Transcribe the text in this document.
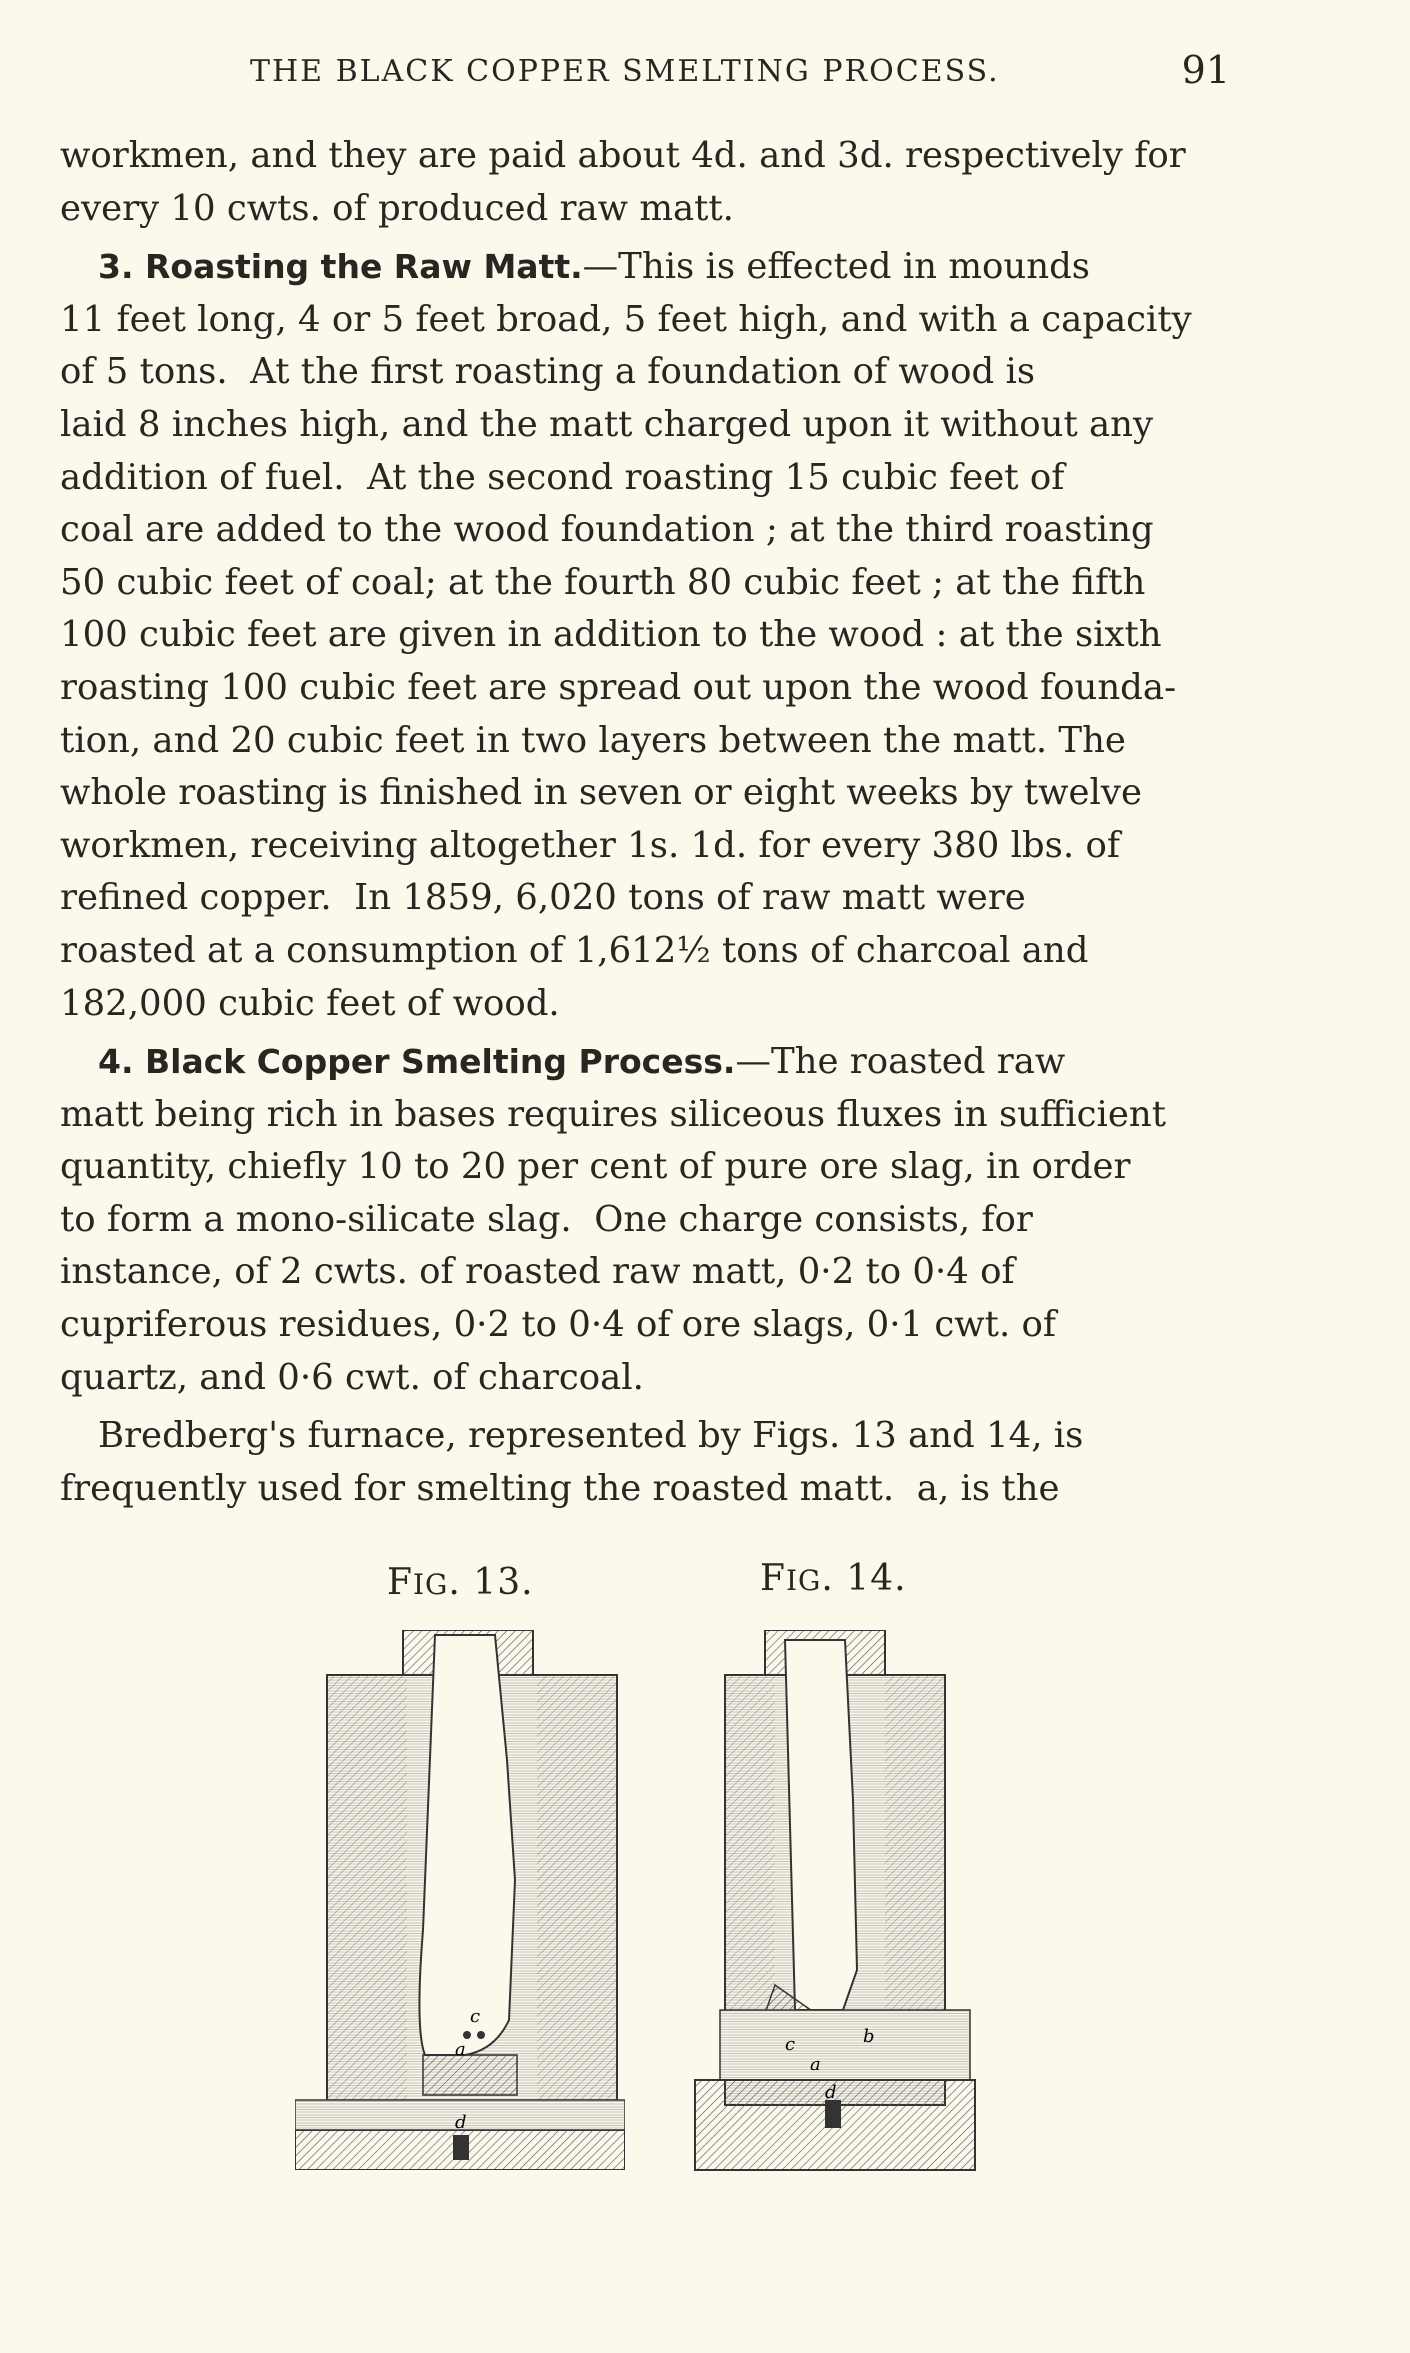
THE BLACK COPPER SMELTING PROCESS.	91
workmen, and they are paid about 4d. and 3d. respectively for
every 10 cwts. of produced raw matt.
3. Roasting the Raw Matt.—This is effected in mounds
11 feet long, 4 or 5 feet broad, 5 feet high, and with a capacity
of 5 tons.  At the first roasting a foundation of wood is
laid 8 inches high, and the matt charged upon it without any
addition of fuel.  At the second roasting 15 cubic feet of
coal are added to the wood foundation ; at the third roasting
50 cubic feet of coal; at the fourth 80 cubic feet ; at the fifth
100 cubic feet are given in addition to the wood : at the sixth
roasting 100 cubic feet are spread out upon the wood founda-
tion, and 20 cubic feet in two layers between the matt. The
whole roasting is finished in seven or eight weeks by twelve
workmen, receiving altogether 1s. 1d. for every 380 lbs. of
refined copper.  In 1859, 6,020 tons of raw matt were
roasted at a consumption of 1,612½ tons of charcoal and
182,000 cubic feet of wood.
4. Black Copper Smelting Process.—The roasted raw
matt being rich in bases requires siliceous fluxes in sufficient
quantity, chiefly 10 to 20 per cent of pure ore slag, in order
to form a mono-silicate slag.  One charge consists, for
instance, of 2 cwts. of roasted raw matt, 0·2 to 0·4 of
cupriferous residues, 0·2 to 0·4 of ore slags, 0·1 cwt. of
quartz, and 0·6 cwt. of charcoal.
Bredberg's furnace, represented by Figs. 13 and 14, is
frequently used for smelting the roasted matt.  a, is the
FIG. 13.	FIG. 14.
c
a
d
c	b
a
d
